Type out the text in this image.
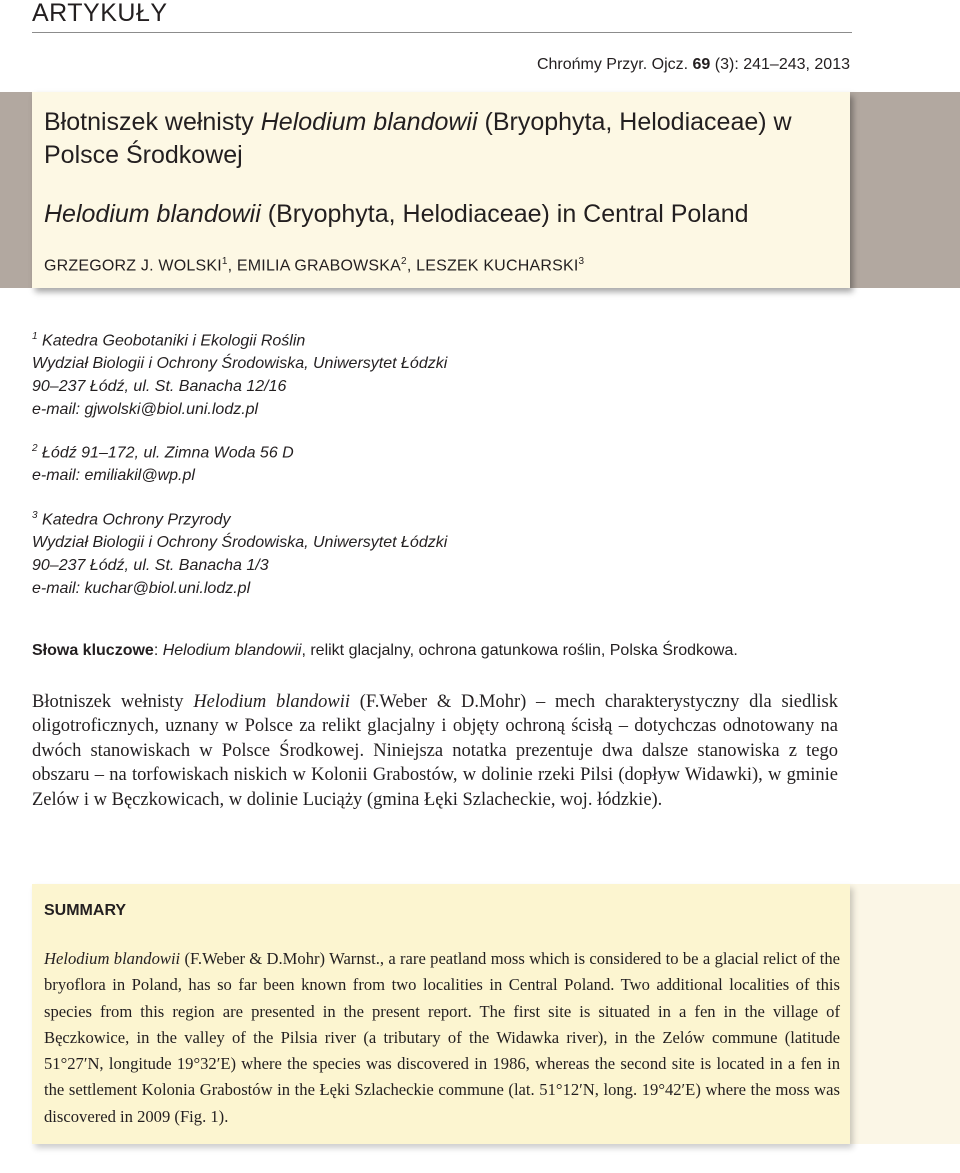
ARTYKUŁY
Chrońmy Przyr. Ojcz. 69 (3): 241–243, 2013
Błotniszek wełnisty Helodium blandowii (Bryophyta, Helodiaceae) w Polsce Środkowej
Helodium blandowii (Bryophyta, Helodiaceae) in Central Poland
GRZEGORZ J. WOLSKI$^1$, EMILIA GRABOWSKA$^2$, LESZEK KUCHARSKI$^3$
$^1$ Katedra Geobotaniki i Ekologii Roślin
Wydział Biologii i Ochrony Środowiska, Uniwersytet Łódzki
90–237 Łódź, ul. St. Banacha 12/16
e-mail: gjwolski@biol.uni.lodz.pl
$^2$ Łódź 91–172, ul. Zimna Woda 56 D
e-mail: emiliakil@wp.pl
$^3$ Katedra Ochrony Przyrody
Wydział Biologii i Ochrony Środowiska, Uniwersytet Łódzki
90–237 Łódź, ul. St. Banacha 1/3
e-mail: kuchar@biol.uni.lodz.pl
Słowa kluczowe: Helodium blandowii, relikt glacjalny, ochrona gatunkowa roślin, Polska Środkowa.

Błotniszek wełnisty Helodium blandowii (F.Weber & D.Mohr) – mech charakterystyczny dla siedlisk oligotroficznych, uznany w Polsce za relikt glacjalny i objęty ochroną ścisłą – dotychczas odnotowany na dwóch stanowiskach w Polsce Środkowej. Niniejsza notatka prezentuje dwa dalsze stanowiska z tego obszaru – na torfowiskach niskich w Kolonii Grabostów, w dolinie rzeki Pilsi (dopływ Widawki), w gminie Zelów i w Bęczkowicach, w dolinie Luciąży (gmina Łęki Szlacheckie, woj. łódzkie).

SUMMARY

Helodium blandowii (F.Weber & D.Mohr) Warnst., a rare peatland moss which is considered to be a glacial relict of the bryoflora in Poland, has so far been known from two localities in Central Poland. Two additional localities of this species from this region are presented in the present report. The first site is situated in a fen in the village of Bęczkowice, in the valley of the Pilsia river (a tributary of the Widawka river), in the Zelów commune (latitude 51°27′N, longitude 19°32′E) where the species was discovered in 1986, whereas the second site is located in a fen in the settlement Kolonia Grabostów in the Łęki Szlacheckie commune (lat. 51°12′N, long. 19°42′E) where the moss was discovered in 2009 (Fig. 1).
